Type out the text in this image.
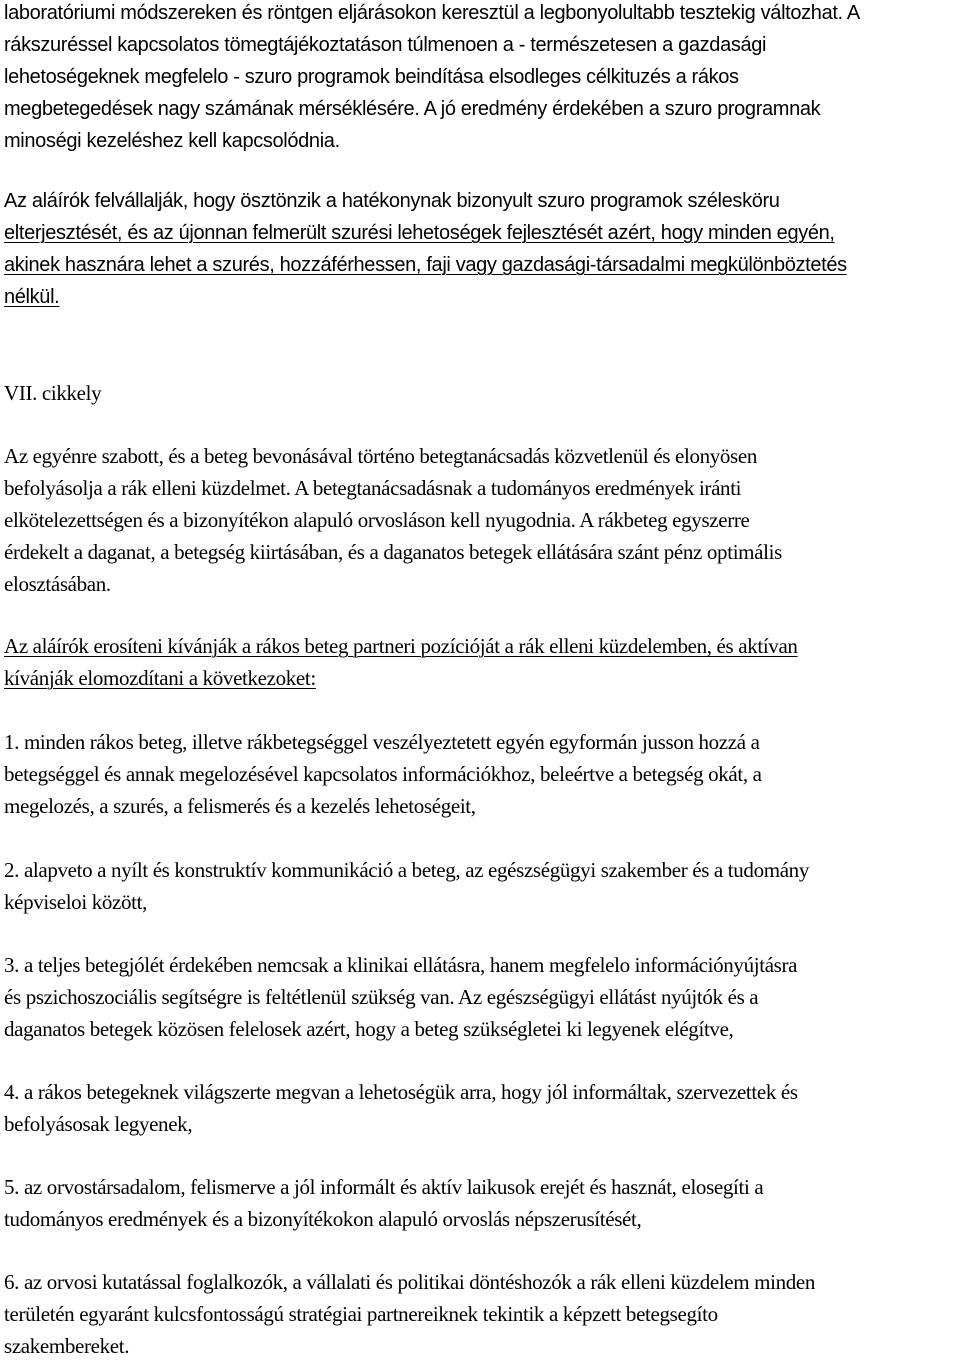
laboratóriumi módszereken és röntgen eljárásokon keresztül a legbonyolultabb tesztekig változhat. A
rákszuréssel kapcsolatos tömegtájékoztatáson túlmenoen a - természetesen a gazdasági
lehetoségeknek megfelelo - szuro programok beindítása elsodleges célkituzés a rákos
megbetegedések nagy számának mérséklésére. A jó eredmény érdekében a szuro programnak
minoségi kezeléshez kell kapcsolódnia.
Az aláírók felvállalják, hogy ösztönzik a hatékonynak bizonyult szuro programok szélesköru
elterjesztését, és az újonnan felmerült szurési lehetoségek fejlesztését azért, hogy minden egyén,
akinek hasznára lehet a szurés, hozzáférhessen, faji vagy gazdasági-társadalmi megkülönböztetés
nélkül.
VII. cikkely
Az egyénre szabott, és a beteg bevonásával történo betegtanácsadás közvetlenül és elonyösen
befolyásolja a rák elleni küzdelmet. A betegtanácsadásnak a tudományos eredmények iránti
elkötelezettségen és a bizonyítékon alapuló orvosláson kell nyugodnia. A rákbeteg egyszerre
érdekelt a daganat, a betegség kiirtásában, és a daganatos betegek ellátására szánt pénz optimális
elosztásában.
Az aláírók erosíteni kívánják a rákos beteg partneri pozícióját a rák elleni küzdelemben, és aktívan
kívánják elomozdítani a következoket:
1. minden rákos beteg, illetve rákbetegséggel veszélyeztetett egyén egyformán jusson hozzá a
betegséggel és annak megelozésével kapcsolatos információkhoz, beleértve a betegség okát, a
megelozés, a szurés, a felismerés és a kezelés lehetoségeit,
2. alapveto a nyílt és konstruktív kommunikáció a beteg, az egészségügyi szakember és a tudomány
képviseloi között,
3. a teljes betegjólét érdekében nemcsak a klinikai ellátásra, hanem megfelelo információnyújtásra
és pszichoszociális segítségre is feltétlenül szükség van. Az egészségügyi ellátást nyújtók és a
daganatos betegek közösen felelosek azért, hogy a beteg szükségletei ki legyenek elégítve,
4. a rákos betegeknek világszerte megvan a lehetoségük arra, hogy jól informáltak, szervezettek és
befolyásosak legyenek,
5. az orvostársadalom, felismerve a jól informált és aktív laikusok erejét és hasznát, elosegíti a
tudományos eredmények és a bizonyítékokon alapuló orvoslás népszerusítését,
6. az orvosi kutatással foglalkozók, a vállalati és politikai döntéshozók a rák elleni küzdelem minden
területén egyaránt kulcsfontosságú stratégiai partnereiknek tekintik a képzett betegsegíto
szakembereket.
